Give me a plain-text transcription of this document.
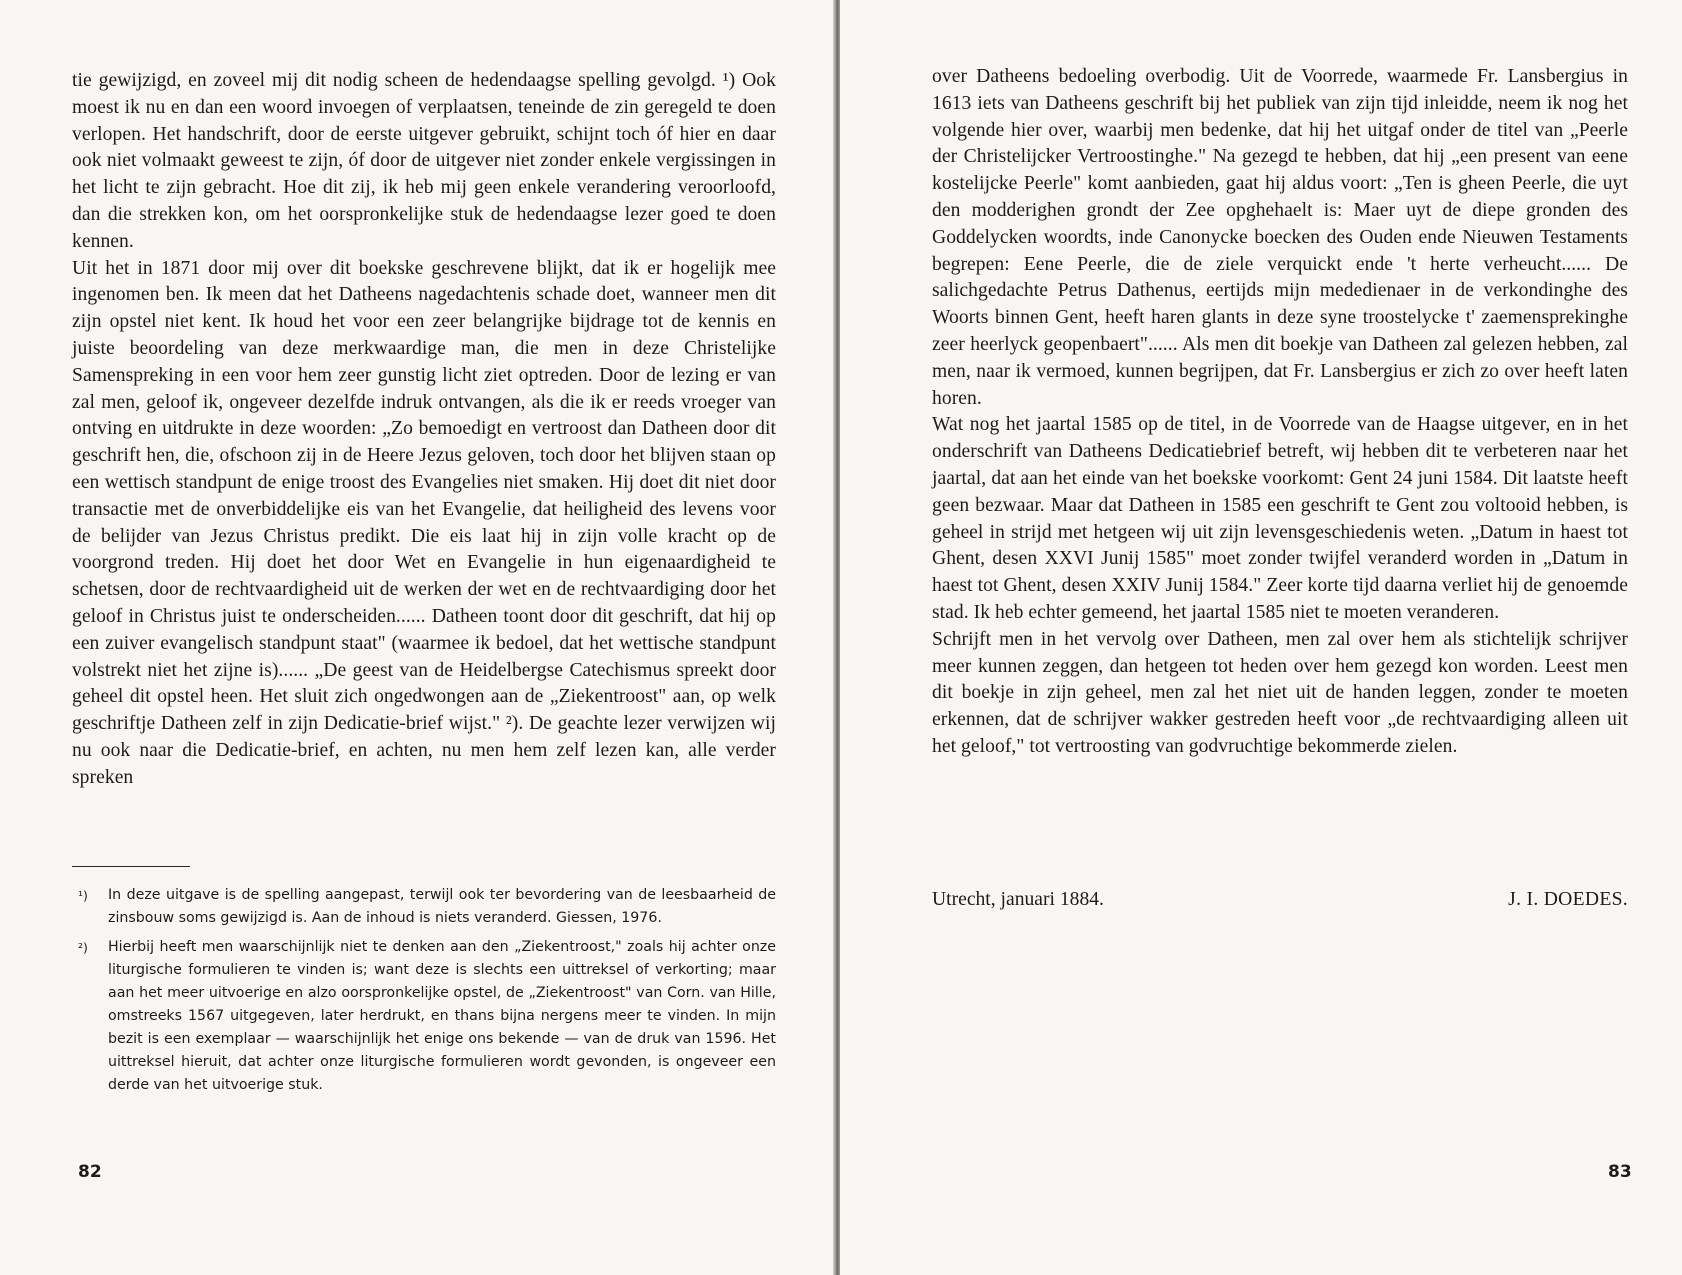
tie gewijzigd, en zoveel mij dit nodig scheen de hedendaagse spelling gevolgd. ¹) Ook moest ik nu en dan een woord invoegen of verplaatsen, teneinde de zin geregeld te doen verlopen. Het handschrift, door de eerste uitgever gebruikt, schijnt toch óf hier en daar ook niet volmaakt geweest te zijn, óf door de uitgever niet zonder enkele vergissingen in het licht te zijn gebracht. Hoe dit zij, ik heb mij geen enkele verandering veroorloofd, dan die strekken kon, om het oorspronkelijke stuk de hedendaagse lezer goed te doen kennen.

Uit het in 1871 door mij over dit boekske geschrevene blijkt, dat ik er hogelijk mee ingenomen ben. Ik meen dat het Datheens nagedachtenis schade doet, wanneer men dit zijn opstel niet kent. Ik houd het voor een zeer belangrijke bijdrage tot de kennis en juiste beoordeling van deze merkwaardige man, die men in deze Christelijke Samenspreking in een voor hem zeer gunstig licht ziet optreden. Door de lezing er van zal men, geloof ik, ongeveer dezelfde indruk ontvangen, als die ik er reeds vroeger van ontving en uitdrukte in deze woorden: „Zo bemoedigt en vertroost dan Datheen door dit geschrift hen, die, ofschoon zij in de Heere Jezus geloven, toch door het blijven staan op een wettisch standpunt de enige troost des Evangelies niet smaken. Hij doet dit niet door transactie met de onverbiddelijke eis van het Evangelie, dat heiligheid des levens voor de belijder van Jezus Christus predikt. Die eis laat hij in zijn volle kracht op de voorgrond treden. Hij doet het door Wet en Evangelie in hun eigenaardigheid te schetsen, door de rechtvaardigheid uit de werken der wet en de rechtvaardiging door het geloof in Christus juist te onderscheiden...... Datheen toont door dit geschrift, dat hij op een zuiver evangelisch standpunt staat" (waarmee ik bedoel, dat het wettische standpunt volstrekt niet het zijne is)...... „De geest van de Heidelbergse Catechismus spreekt door geheel dit opstel heen. Het sluit zich ongedwongen aan de „Ziekentroost" aan, op welk geschriftje Datheen zelf in zijn Dedicatie-brief wijst." ²). De geachte lezer verwijzen wij nu ook naar die Dedicatie-brief, en achten, nu men hem zelf lezen kan, alle verder spreken

¹) In deze uitgave is de spelling aangepast, terwijl ook ter bevordering van de leesbaarheid de zinsbouw soms gewijzigd is. Aan de inhoud is niets veranderd. Giessen, 1976.
²) Hierbij heeft men waarschijnlijk niet te denken aan den „Ziekentroost," zoals hij achter onze liturgische formulieren te vinden is; want deze is slechts een uittreksel of verkorting; maar aan het meer uitvoerige en alzo oorspronkelijke opstel, de „Ziekentroost" van Corn. van Hille, omstreeks 1567 uitgegeven, later herdrukt, en thans bijna nergens meer te vinden. In mijn bezit is een exemplaar — waarschijnlijk het enige ons bekende — van de druk van 1596. Het uittreksel hieruit, dat achter onze liturgische formulieren wordt gevonden, is ongeveer een derde van het uitvoerige stuk.
82

over Datheens bedoeling overbodig. Uit de Voorrede, waarmede Fr. Lansbergius in 1613 iets van Datheens geschrift bij het publiek van zijn tijd inleidde, neem ik nog het volgende hier over, waarbij men bedenke, dat hij het uitgaf onder de titel van „Peerle der Christelijcker Vertroostinghe." Na gezegd te hebben, dat hij „een present van eene kostelijcke Peerle" komt aanbieden, gaat hij aldus voort: „Ten is gheen Peerle, die uyt den modderighen grondt der Zee opghehaelt is: Maer uyt de diepe gronden des Goddelycken woordts, inde Canonycke boecken des Ouden ende Nieuwen Testaments begrepen: Eene Peerle, die de ziele verquickt ende 't herte verheucht...... De salichgedachte Petrus Dathenus, eertijds mijn mededienaer in de verkondinghe des Woorts binnen Gent, heeft haren glants in deze syne troostelycke t' zaemensprekinghe zeer heerlyck geopenbaert"...... Als men dit boekje van Datheen zal gelezen hebben, zal men, naar ik vermoed, kunnen begrijpen, dat Fr. Lansbergius er zich zo over heeft laten horen.

Wat nog het jaartal 1585 op de titel, in de Voorrede van de Haagse uitgever, en in het onderschrift van Datheens Dedicatiebrief betreft, wij hebben dit te verbeteren naar het jaartal, dat aan het einde van het boekske voorkomt: Gent 24 juni 1584. Dit laatste heeft geen bezwaar. Maar dat Datheen in 1585 een geschrift te Gent zou voltooid hebben, is geheel in strijd met hetgeen wij uit zijn levensgeschiedenis weten. „Datum in haest tot Ghent, desen XXVI Junij 1585" moet zonder twijfel veranderd worden in „Datum in haest tot Ghent, desen XXIV Junij 1584." Zeer korte tijd daarna verliet hij de genoemde stad. Ik heb echter gemeend, het jaartal 1585 niet te moeten veranderen.

Schrijft men in het vervolg over Datheen, men zal over hem als stichtelijk schrijver meer kunnen zeggen, dan hetgeen tot heden over hem gezegd kon worden. Leest men dit boekje in zijn geheel, men zal het niet uit de handen leggen, zonder te moeten erkennen, dat de schrijver wakker gestreden heeft voor „de rechtvaardiging alleen uit het geloof," tot vertroosting van godvruchtige bekommerde zielen.

Utrecht, januari 1884.	J. I. DOEDES.
83
